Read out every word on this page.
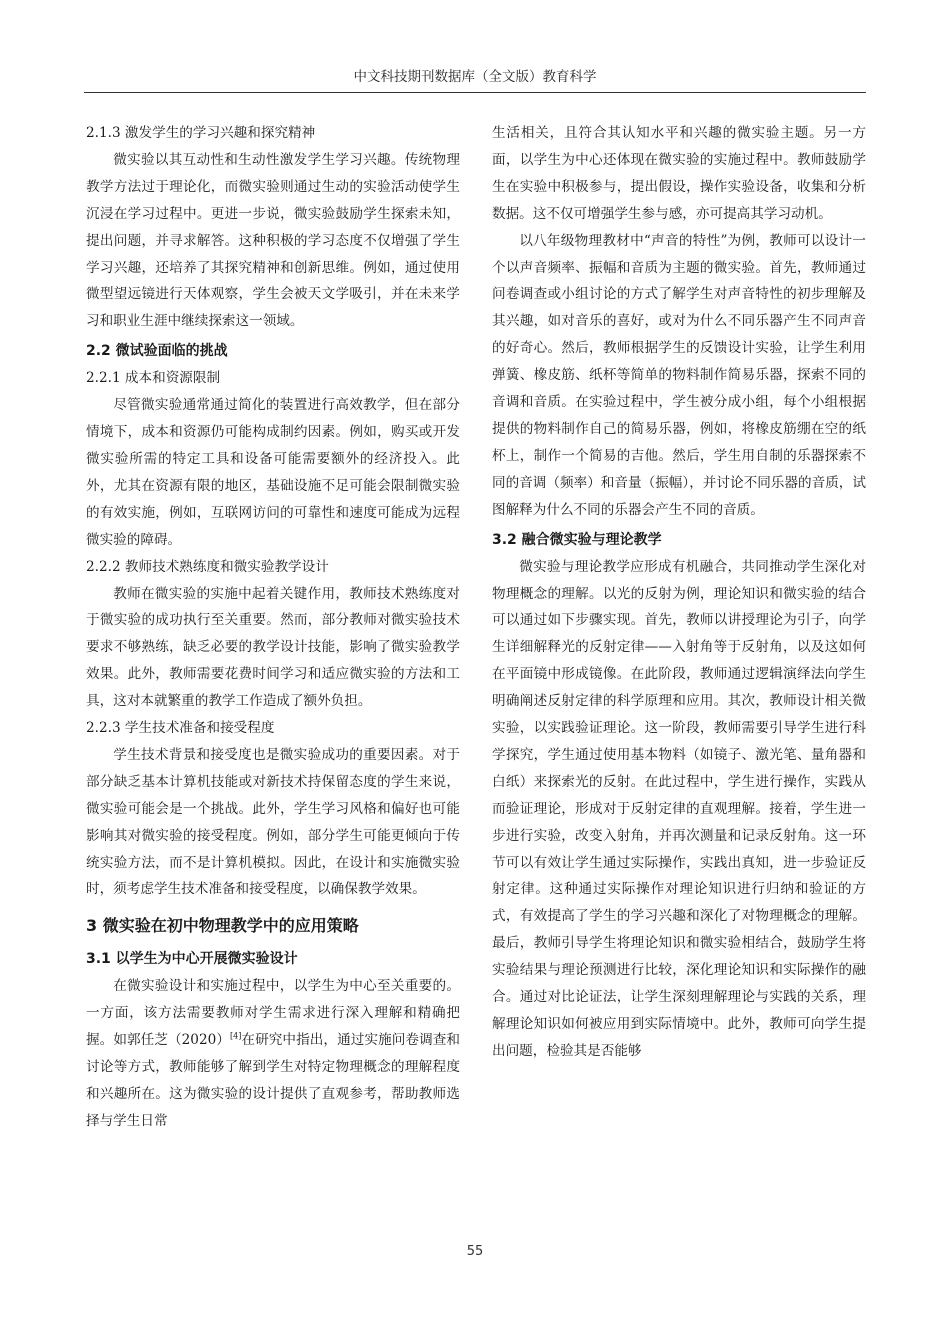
中文科技期刊数据库（全文版）教育科学
2.1.3 激发学生的学习兴趣和探究精神

微实验以其互动性和生动性激发学生学习兴趣。传统物理教学方法过于理论化，而微实验则通过生动的实验活动使学生沉浸在学习过程中。更进一步说，微实验鼓励学生探索未知，提出问题，并寻求解答。这种积极的学习态度不仅增强了学生学习兴趣，还培养了其探究精神和创新思维。例如，通过使用微型望远镜进行天体观察，学生会被天文学吸引，并在未来学习和职业生涯中继续探索这一领域。

2.2 微试验面临的挑战
2.2.1 成本和资源限制

尽管微实验通常通过简化的装置进行高效教学，但在部分情境下，成本和资源仍可能构成制约因素。例如，购买或开发微实验所需的特定工具和设备可能需要额外的经济投入。此外，尤其在资源有限的地区，基础设施不足可能会限制微实验的有效实施，例如，互联网访问的可靠性和速度可能成为远程微实验的障碍。

2.2.2 教师技术熟练度和微实验教学设计

教师在微实验的实施中起着关键作用，教师技术熟练度对于微实验的成功执行至关重要。然而，部分教师对微实验技术要求不够熟练，缺乏必要的教学设计技能，影响了微实验教学效果。此外，教师需要花费时间学习和适应微实验的方法和工具，这对本就繁重的教学工作造成了额外负担。

2.2.3 学生技术准备和接受程度

学生技术背景和接受度也是微实验成功的重要因素。对于部分缺乏基本计算机技能或对新技术持保留态度的学生来说，微实验可能会是一个挑战。此外，学生学习风格和偏好也可能影响其对微实验的接受程度。例如，部分学生可能更倾向于传统实验方法，而不是计算机模拟。因此，在设计和实施微实验时，须考虑学生技术准备和接受程度，以确保教学效果。

3 微实验在初中物理教学中的应用策略
3.1 以学生为中心开展微实验设计

在微实验设计和实施过程中，以学生为中心至关重要的。一方面，该方法需要教师对学生需求进行深入理解和精确把握。如郭任芝（2020）[4]在研究中指出，通过实施问卷调查和讨论等方式，教师能够了解到学生对特定物理概念的理解程度和兴趣所在。这为微实验的设计提供了直观参考，帮助教师选择与学生日常

生活相关，且符合其认知水平和兴趣的微实验主题。另一方面，以学生为中心还体现在微实验的实施过程中。教师鼓励学生在实验中积极参与，提出假设，操作实验设备，收集和分析数据。这不仅可增强学生参与感，亦可提高其学习动机。

以八年级物理教材中“声音的特性”为例，教师可以设计一个以声音频率、振幅和音质为主题的微实验。首先，教师通过问卷调查或小组讨论的方式了解学生对声音特性的初步理解及其兴趣，如对音乐的喜好，或对为什么不同乐器产生不同声音的好奇心。然后，教师根据学生的反馈设计实验，让学生利用弹簧、橡皮筋、纸杯等简单的物料制作简易乐器，探索不同的音调和音质。在实验过程中，学生被分成小组，每个小组根据提供的物料制作自己的简易乐器，例如，将橡皮筋绷在空的纸杯上，制作一个简易的吉他。然后，学生用自制的乐器探索不同的音调（频率）和音量（振幅），并讨论不同乐器的音质，试图解释为什么不同的乐器会产生不同的音质。

3.2 融合微实验与理论教学

微实验与理论教学应形成有机融合，共同推动学生深化对物理概念的理解。以光的反射为例，理论知识和微实验的结合可以通过如下步骤实现。首先，教师以讲授理论为引子，向学生详细解释光的反射定律——入射角等于反射角，以及这如何在平面镜中形成镜像。在此阶段，教师通过逻辑演绎法向学生明确阐述反射定律的科学原理和应用。其次，教师设计相关微实验，以实践验证理论。这一阶段，教师需要引导学生进行科学探究，学生通过使用基本物料（如镜子、激光笔、量角器和白纸）来探索光的反射。在此过程中，学生进行操作，实践从而验证理论，形成对于反射定律的直观理解。接着，学生进一步进行实验，改变入射角，并再次测量和记录反射角。这一环节可以有效让学生通过实际操作，实践出真知，进一步验证反射定律。这种通过实际操作对理论知识进行归纳和验证的方式，有效提高了学生的学习兴趣和深化了对物理概念的理解。最后，教师引导学生将理论知识和微实验相结合，鼓励学生将实验结果与理论预测进行比较，深化理论知识和实际操作的融合。通过对比论证法，让学生深刻理解理论与实践的关系，理解理论知识如何被应用到实际情境中。此外，教师可向学生提出问题，检验其是否能够

55
